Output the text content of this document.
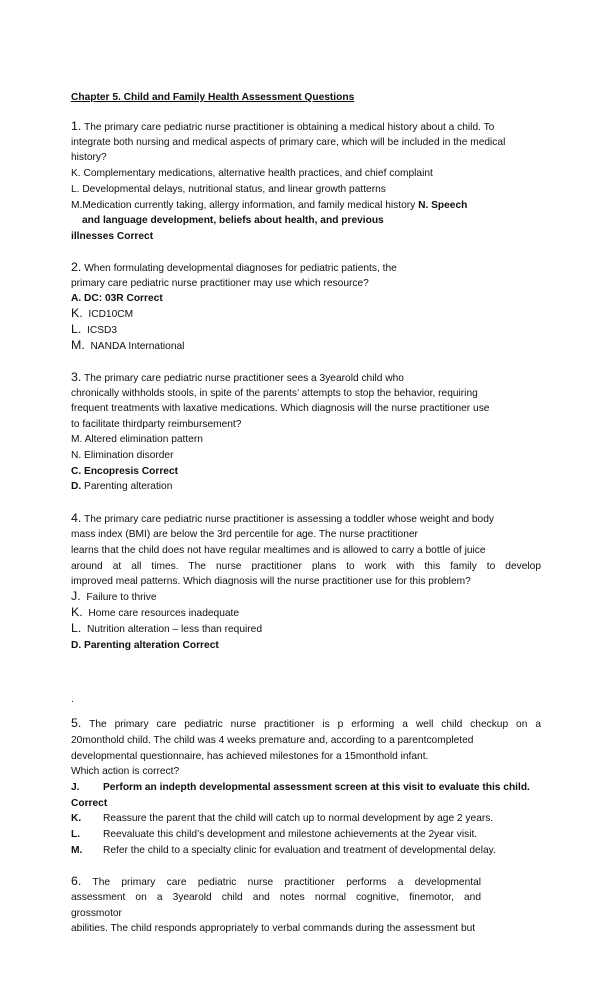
Chapter 5. Child and Family Health Assessment Questions
1. The primary care pediatric nurse practitioner is obtaining a medical history about a child. To
integrate both nursing and medical aspects of primary care, which will be included in the medical
history?
K. Complementary medications, alternative health practices, and chief complaint
L. Developmental delays, nutritional status, and linear growth patterns
M.Medication currently taking, allergy information, and family medical history N. Speech
and language development, beliefs about health, and previous
illnesses Correct
2. When formulating developmental diagnoses for pediatric patients, the
primary care pediatric nurse practitioner may use which resource?
A. DC: 03R Correct
K. ICD10CM
L. ICSD3
M. NANDA International
3. The primary care pediatric nurse practitioner sees a 3yearold child who
chronically withholds stools, in spite of the parents’ attempts to stop the behavior, requiring
frequent treatments with laxative medications. Which diagnosis will the nurse practitioner use
to facilitate thirdparty reimbursement?
M. Altered elimination pattern
N. Elimination disorder
C. Encopresis Correct
D. Parenting alteration
4. The primary care pediatric nurse practitioner is assessing a toddler whose weight and body
mass index (BMI) are below the 3rd percentile for age. The nurse practitioner
learns that the child does not have regular mealtimes and is allowed to carry a bottle of juice
around at all times. The nurse practitioner plans to work with this family to develop
improved meal patterns. Which diagnosis will the nurse practitioner use for this problem?
J. Failure to thrive
K. Home care resources inadequate
L. Nutrition alteration – less than required
D. Parenting alteration Correct
.
5. The primary care pediatric nurse practitioner is p erforming a well child checkup on a
20monthold child. The child was 4 weeks premature and, according to a parentcompleted
developmental questionnaire, has achieved milestones for a 15monthold infant.
Which action is correct?
J. Perform an indepth developmental assessment screen at this visit to evaluate this child.
Correct
K. Reassure the parent that the child will catch up to normal development by age 2 years.
L. Reevaluate this child’s development and milestone achievements at the 2year visit.
M. Refer the child to a specialty clinic for evaluation and treatment of developmental delay.
6. The primary care pediatric nurse practitioner performs a developmental
assessment on a 3yearold child and notes normal cognitive, finemotor, and
grossmotor
abilities. The child responds appropriately to verbal commands during the assessment but
